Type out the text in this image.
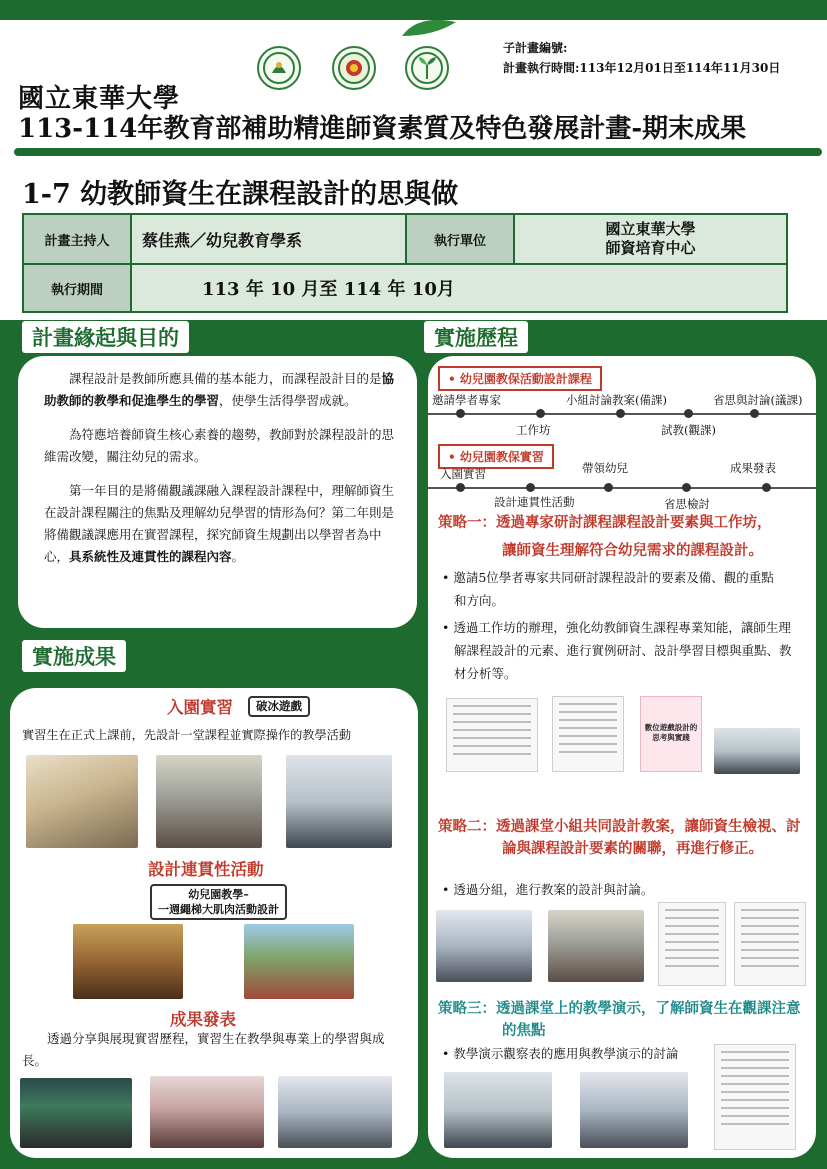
子計畫編號:
計畫執行時間:113年12月01日至114年11月30日
國立東華大學
113-114年教育部補助精進師資素質及特色發展計畫-期末成果
1-7 幼教師資生在課程設計的思與做
計畫主持人	蔡佳燕／幼兒教育學系	執行單位	國立東華大學
師資培育中心

執行期間	113 年 10 月至 114 年 10月		
計畫緣起與目的	實施歷程

課程設計是教師所應具備的基本能力，而課程設計目的是協助教師的教學和促進學生的學習，使學生活得學習成就。

為符應培養師資生核心素養的趨勢，教師對於課程設計的思維需改變，關注幼兒的需求。

第一年目的是將備觀議課融入課程設計課程中，理解師資生在設計課程關注的焦點及理解幼兒學習的情形為何？第二年則是將備觀議課應用在實習課程，探究師資生規劃出以學習者為中心，具系統性及連貫性的課程內容。

實施成果
入園實習	破冰遊戲
實習生在正式上課前，先設計一堂課程並實際操作的教學活動
設計連貫性活動
幼兒園教學–
一週繩梯大肌肉活動設計
成果發表
透過分享與展現實習歷程，實習生在教學與專業上的學習與成長。
• 幼兒園教保活動設計課程
邀請學者專家	小組討論教案(備課)	省思與討論(議課)
工作坊	試教(觀課)
• 幼兒園教保實習
入園實習	帶領幼兒	成果發表
設計連貫性活動	省思檢討
策略一：透過專家研討課程課程設計要素與工作坊，
讓師資生理解符合幼兒需求的課程設計。
• 邀請5位學者專家共同研討課程設計的要素及備、觀的重點和方向。
• 透過工作坊的辦理，強化幼教師資生課程專業知能，讓師生理解課程設計的元素、進行實例研討、設計學習目標與重點、教材分析等。
數位遊戲設計的
思考與實踐
策略二：透過課堂小組共同設計教案，讓師資生檢視、討論與課程設計要素的關聯，再進行修正。
• 透過分組，進行教案的設計與討論。
策略三：透過課堂上的教學演示，了解師資生在觀課注意的焦點
• 教學演示觀察表的應用與教學演示的討論
